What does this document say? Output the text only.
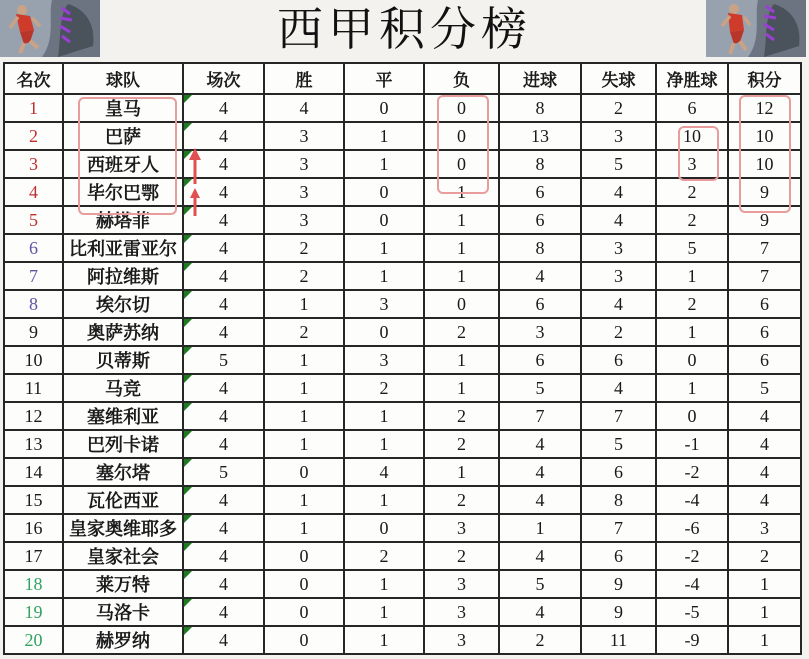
西甲积分榜
名次	球队	场次	胜	平	负	进球	失球	净胜球	积分
1	皇马	4	4	0	0	8	2	6	12
2	巴萨	4	3	1	0	13	3	10	10
3	西班牙人	4	3	1	0	8	5	3	10
4	毕尔巴鄂	4	3	0	1	6	4	2	9
5	赫塔菲	4	3	0	1	6	4	2	9
6	比利亚雷亚尔	4	2	1	1	8	3	5	7
7	阿拉维斯	4	2	1	1	4	3	1	7
8	埃尔切	4	1	3	0	6	4	2	6
9	奥萨苏纳	4	2	0	2	3	2	1	6
10	贝蒂斯	5	1	3	1	6	6	0	6
11	马竞	4	1	2	1	5	4	1	5
12	塞维利亚	4	1	1	2	7	7	0	4
13	巴列卡诺	4	1	1	2	4	5	-1	4
14	塞尔塔	5	0	4	1	4	6	-2	4
15	瓦伦西亚	4	1	1	2	4	8	-4	4
16	皇家奥维耶多	4	1	0	3	1	7	-6	3
17	皇家社会	4	0	2	2	4	6	-2	2
18	莱万特	4	0	1	3	5	9	-4	1
19	马洛卡	4	0	1	3	4	9	-5	1
20	赫罗纳	4	0	1	3	2	11	-9	1
